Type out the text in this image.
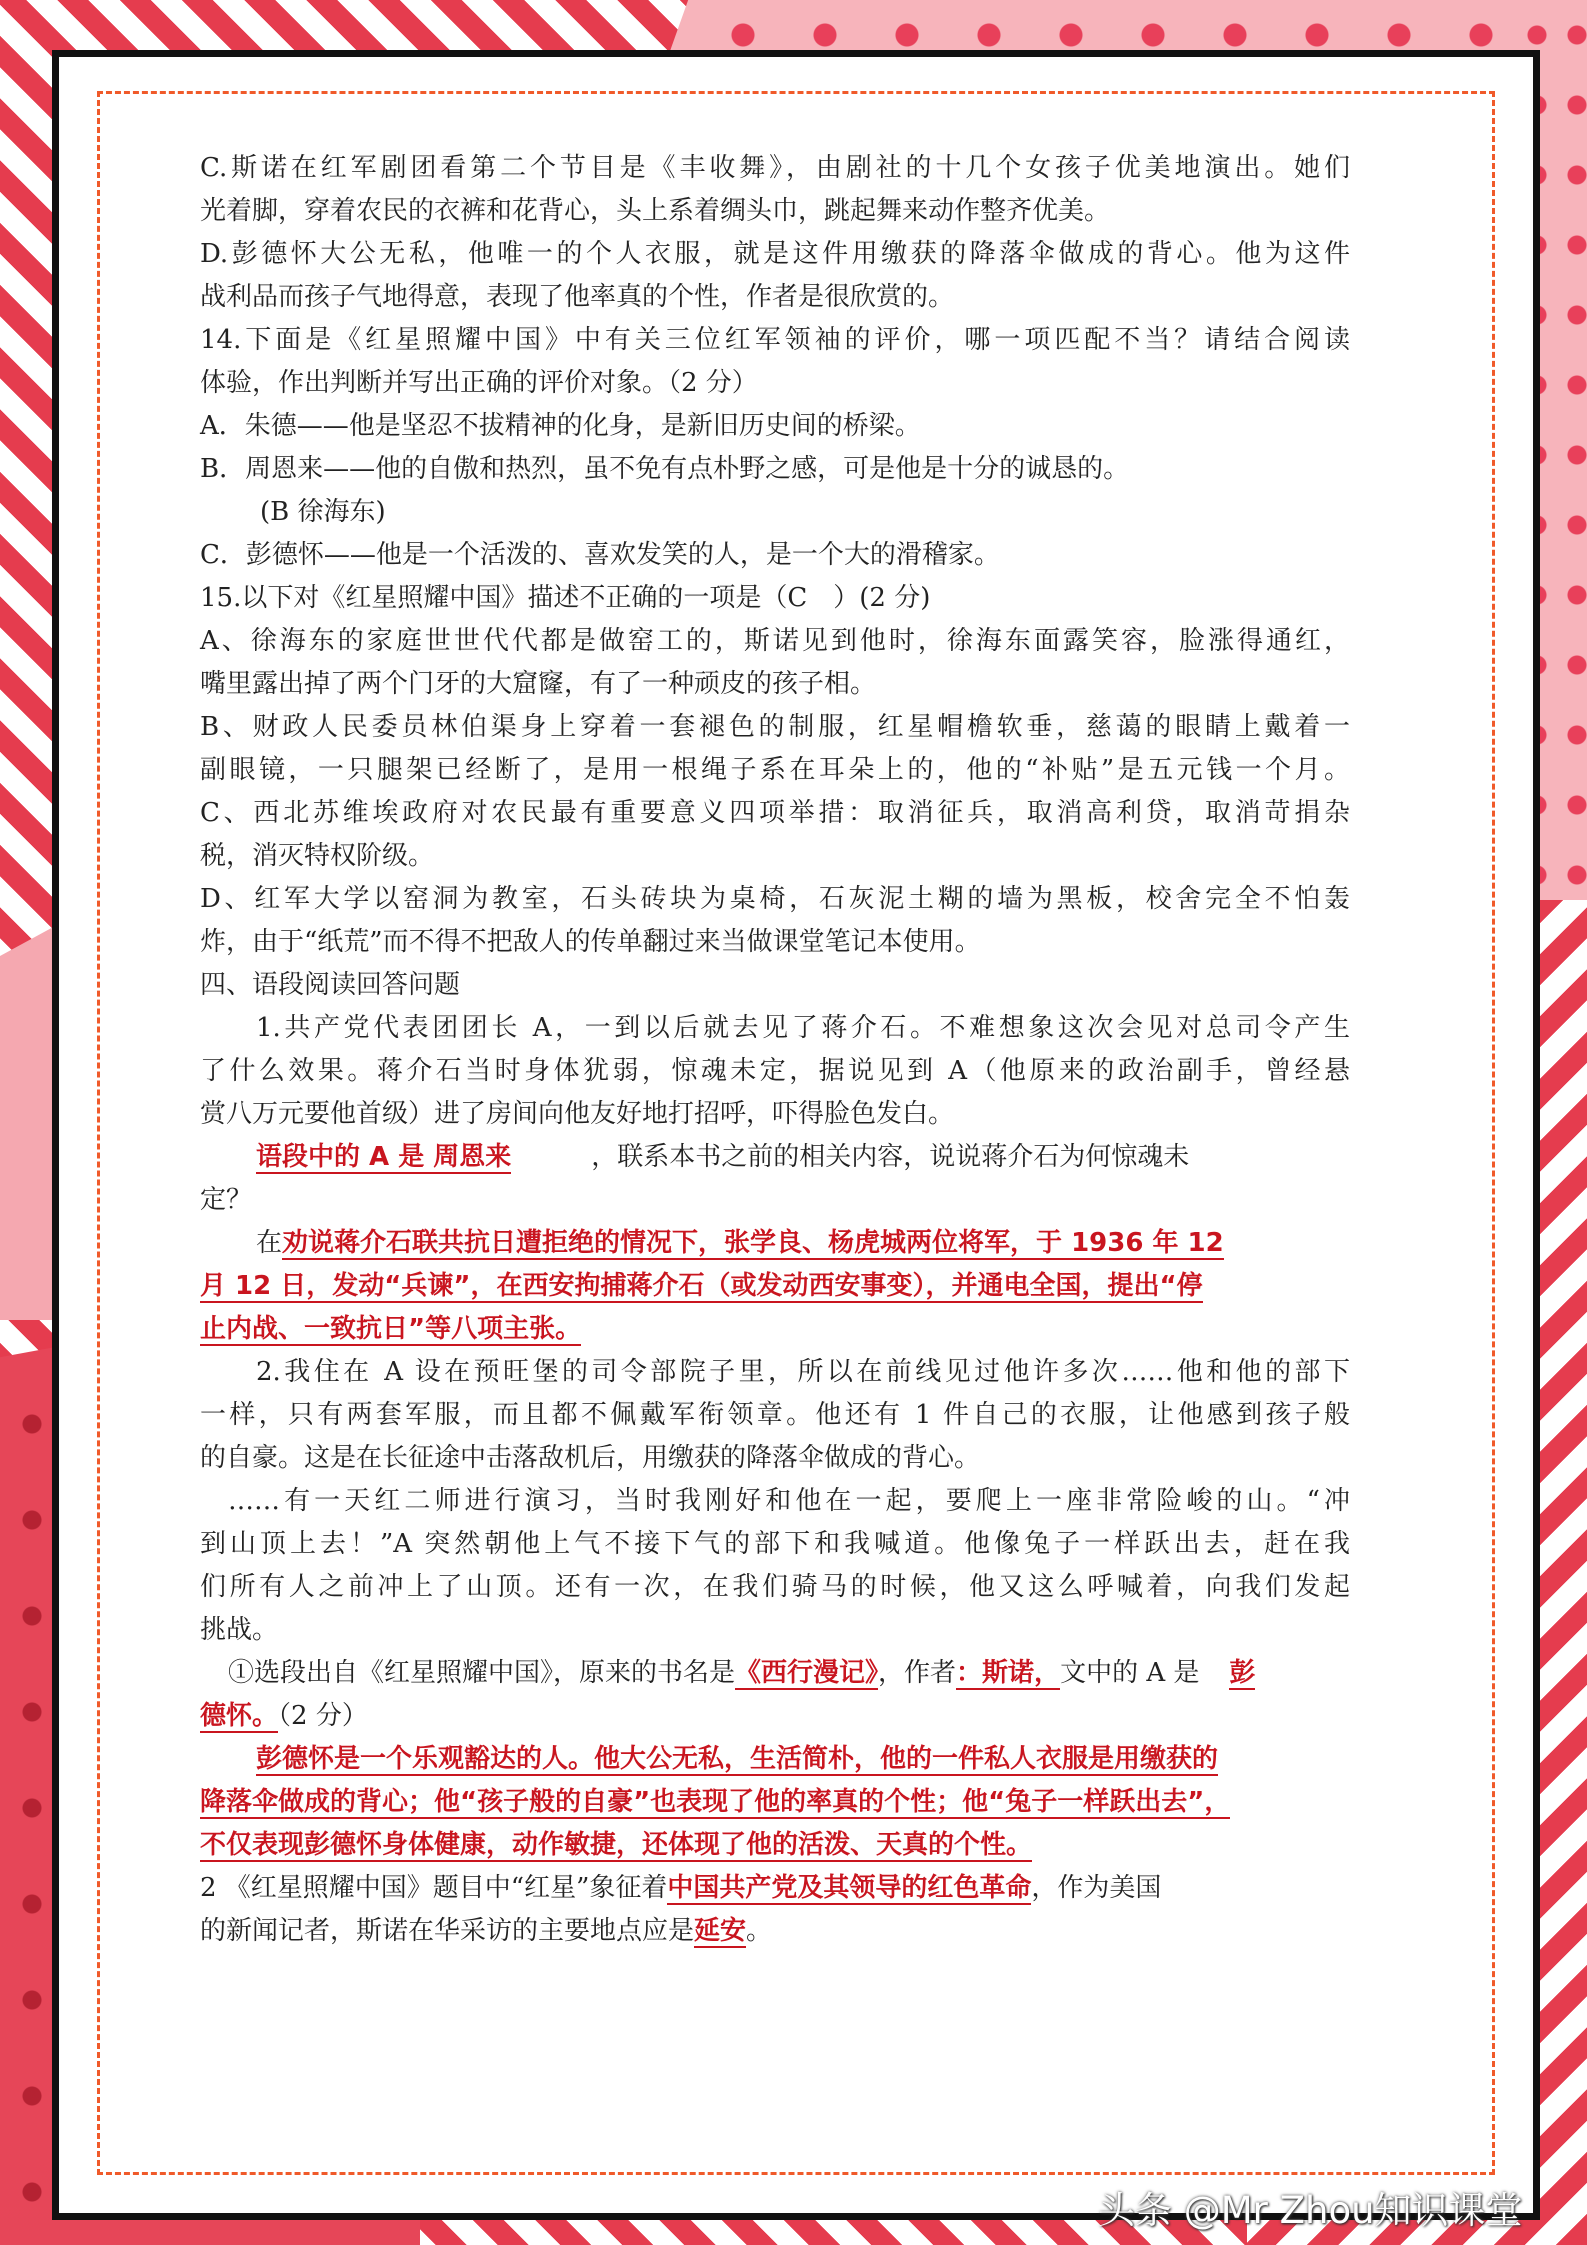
C.斯诺在红军剧团看第二个节目是《丰收舞》，由剧社的十几个女孩子优美地演出。她们
光着脚，穿着农民的衣裤和花背心，头上系着绸头巾，跳起舞来动作整齐优美。
D.彭德怀大公无私，他唯一的个人衣服，就是这件用缴获的降落伞做成的背心。他为这件
战利品而孩子气地得意，表现了他率真的个性，作者是很欣赏的。
14.下面是《红星照耀中国》中有关三位红军领袖的评价，哪一项匹配不当？请结合阅读
体验，作出判断并写出正确的评价对象。（2 分）
A．朱德——他是坚忍不拔精神的化身，是新旧历史间的桥梁。
B．周恩来——他的自傲和热烈，虽不免有点朴野之感，可是他是十分的诚恳的。
(B 徐海东)
C．彭德怀——他是一个活泼的、喜欢发笑的人，是一个大的滑稽家。
15.以下对《红星照耀中国》描述不正确的一项是（C　）(2 分)
A、徐海东的家庭世世代代都是做窑工的，斯诺见到他时，徐海东面露笑容，脸涨得通红，
嘴里露出掉了两个门牙的大窟窿，有了一种顽皮的孩子相。
B、财政人民委员林伯渠身上穿着一套褪色的制服，红星帽檐软垂，慈蔼的眼睛上戴着一
副眼镜，一只腿架已经断了，是用一根绳子系在耳朵上的，他的“补贴”是五元钱一个月。
C、西北苏维埃政府对农民最有重要意义四项举措：取消征兵，取消高利贷，取消苛捐杂
税，消灭特权阶级。
D、红军大学以窑洞为教室，石头砖块为桌椅，石灰泥土糊的墙为黑板，校舍完全不怕轰
炸，由于“纸荒”而不得不把敌人的传单翻过来当做课堂笔记本使用。
四、语段阅读回答问题
1.共产党代表团团长 A，一到以后就去见了蒋介石。不难想象这次会见对总司令产生
了什么效果。蒋介石当时身体犹弱，惊魂未定，据说见到 A（他原来的政治副手，曾经悬
赏八万元要他首级）进了房间向他友好地打招呼，吓得脸色发白。
语段中的 A 是 周恩来	，联系本书之前的相关内容，说说蒋介石为何惊魂未
定？
在劝说蒋介石联共抗日遭拒绝的情况下，张学良、杨虎城两位将军，于 1936 年 12
月 12 日，发动“兵谏”，在西安拘捕蒋介石（或发动西安事变），并通电全国，提出“停
止内战、一致抗日”等八项主张。
2.我住在 A 设在预旺堡的司令部院子里，所以在前线见过他许多次……他和他的部下
一样，只有两套军服，而且都不佩戴军衔领章。他还有 1 件自己的衣服，让他感到孩子般
的自豪。这是在长征途中击落敌机后，用缴获的降落伞做成的背心。
……有一天红二师进行演习，当时我刚好和他在一起，要爬上一座非常险峻的山。“冲
到山顶上去！”A 突然朝他上气不接下气的部下和我喊道。他像兔子一样跃出去，赶在我
们所有人之前冲上了山顶。还有一次，在我们骑马的时候，他又这么呼喊着，向我们发起
挑战。
①选段出自《红星照耀中国》，原来的书名是《西行漫记》，作者：斯诺，文中的 A 是 彭
德怀。（2 分）
彭德怀是一个乐观豁达的人。他大公无私，生活简朴，他的一件私人衣服是用缴获的
降落伞做成的背心；他“孩子般的自豪”也表现了他的率真的个性；他“兔子一样跃出去”，
不仅表现彭德怀身体健康，动作敏捷，还体现了他的活泼、天真的个性。
2 《红星照耀中国》题目中“红星”象征着中国共产党及其领导的红色革命，作为美国
的新闻记者，斯诺在华采访的主要地点应是延安。
头条 @Mr Zhou知识课堂
